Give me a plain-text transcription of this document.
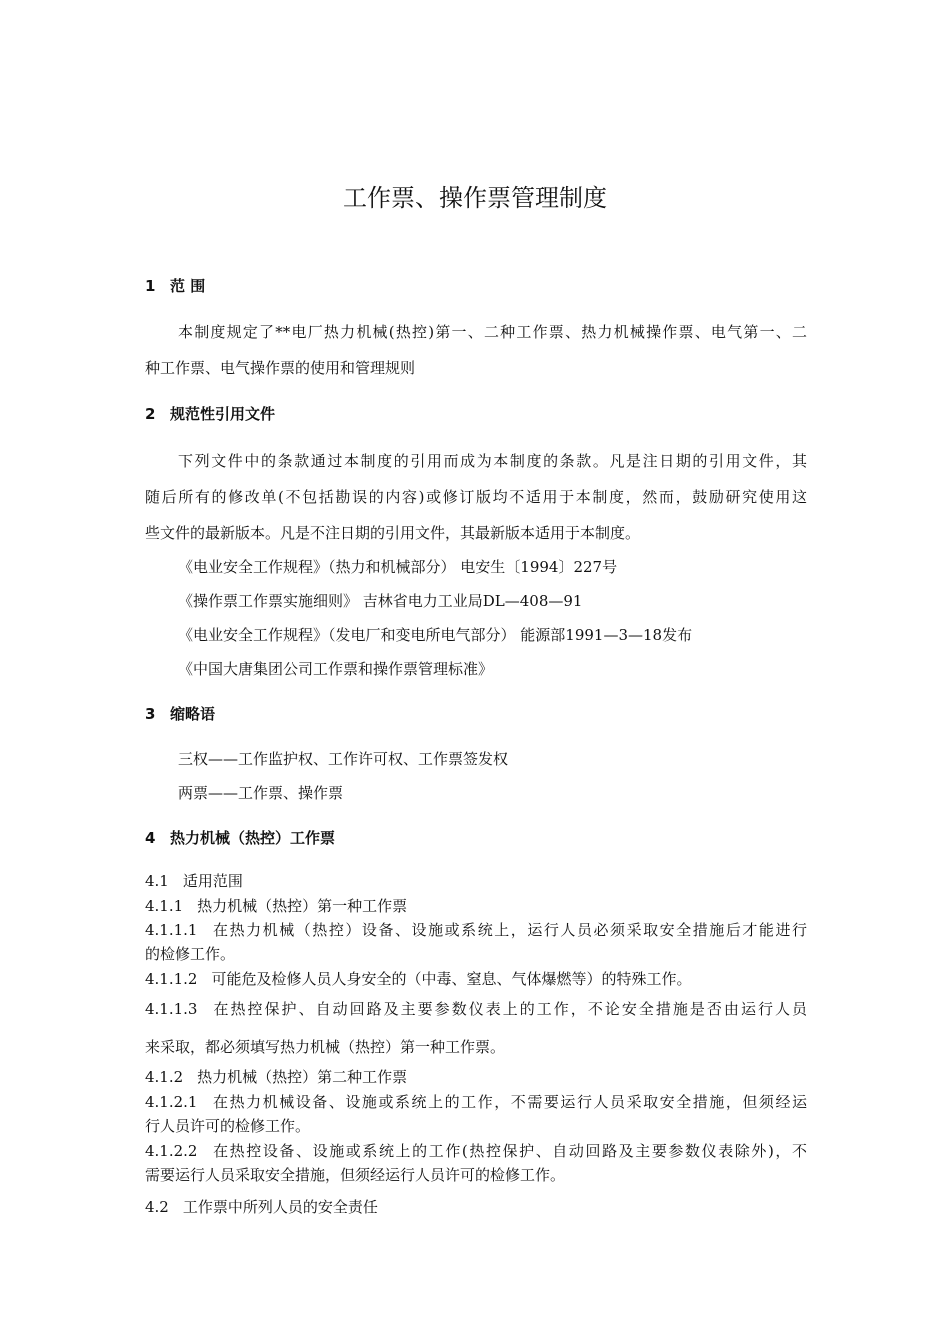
工作票、操作票管理制度
1 范 围
本制度规定了**电厂热力机械(热控)第一、二种工作票、热力机械操作票、电气第一、二
种工作票、电气操作票的使用和管理规则
2 规范性引用文件
下列文件中的条款通过本制度的引用而成为本制度的条款。凡是注日期的引用文件，其
随后所有的修改单(不包括勘误的内容)或修订版均不适用于本制度，然而，鼓励研究使用这
些文件的最新版本。凡是不注日期的引用文件，其最新版本适用于本制度。
《电业安全工作规程》（热力和机械部分） 电安生〔1994〕227号
《操作票工作票实施细则》 吉林省电力工业局DL—408—91
《电业安全工作规程》（发电厂和变电所电气部分） 能源部1991—3—18发布
《中国大唐集团公司工作票和操作票管理标准》
3 缩略语
三权——工作监护权、工作许可权、工作票签发权
两票——工作票、操作票
4 热力机械（热控）工作票
4.1 适用范围
4.1.1 热力机械（热控）第一种工作票
4.1.1.1 在热力机械（热控）设备、设施或系统上，运行人员必须采取安全措施后才能进行
的检修工作。
4.1.1.2 可能危及检修人员人身安全的（中毒、窒息、气体爆燃等）的特殊工作。
4.1.1.3 在热控保护、自动回路及主要参数仪表上的工作，不论安全措施是否由运行人员
来采取，都必须填写热力机械（热控）第一种工作票。
4.1.2 热力机械（热控）第二种工作票
4.1.2.1 在热力机械设备、设施或系统上的工作，不需要运行人员采取安全措施，但须经运
行人员许可的检修工作。
4.1.2.2 在热控设备、设施或系统上的工作(热控保护、自动回路及主要参数仪表除外)，不
需要运行人员采取安全措施，但须经运行人员许可的检修工作。
4.2 工作票中所列人员的安全责任
